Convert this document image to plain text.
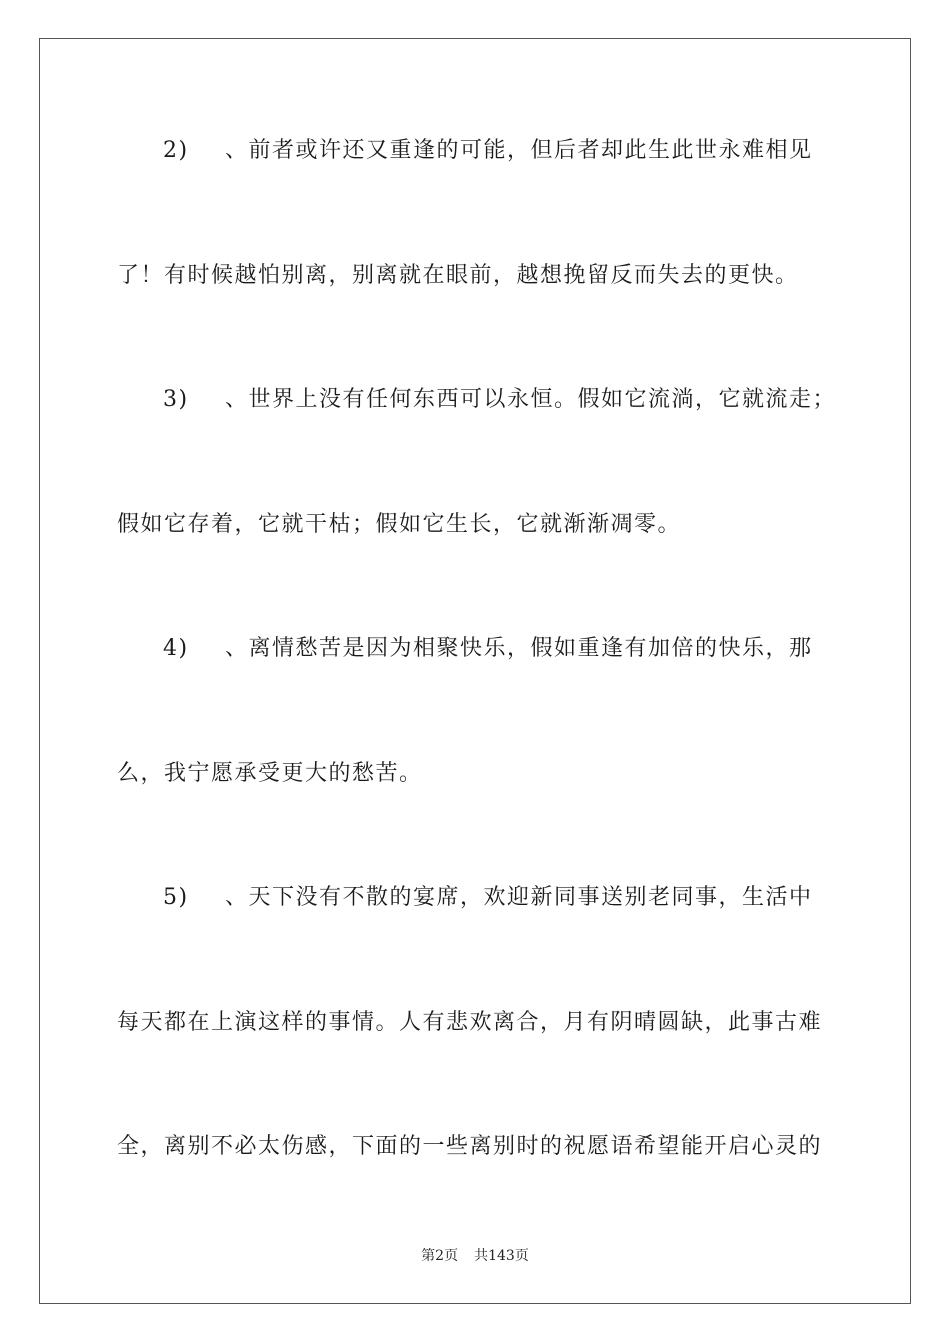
2) 、前者或许还又重逢的可能，但后者却此生此世永难相见
了！有时候越怕别离，别离就在眼前，越想挽留反而失去的更快。
3) 、世界上没有任何东西可以永恒。假如它流淌，它就流走；
假如它存着，它就干枯；假如它生长，它就渐渐凋零。
4) 、离情愁苦是因为相聚快乐，假如重逢有加倍的快乐，那
么，我宁愿承受更大的愁苦。
5) 、天下没有不散的宴席，欢迎新同事送别老同事，生活中
每天都在上演这样的事情。人有悲欢离合，月有阴晴圆缺，此事古难
全，离别不必太伤感，下面的一些离别时的祝愿语希望能开启心灵的
第2页 共143页
